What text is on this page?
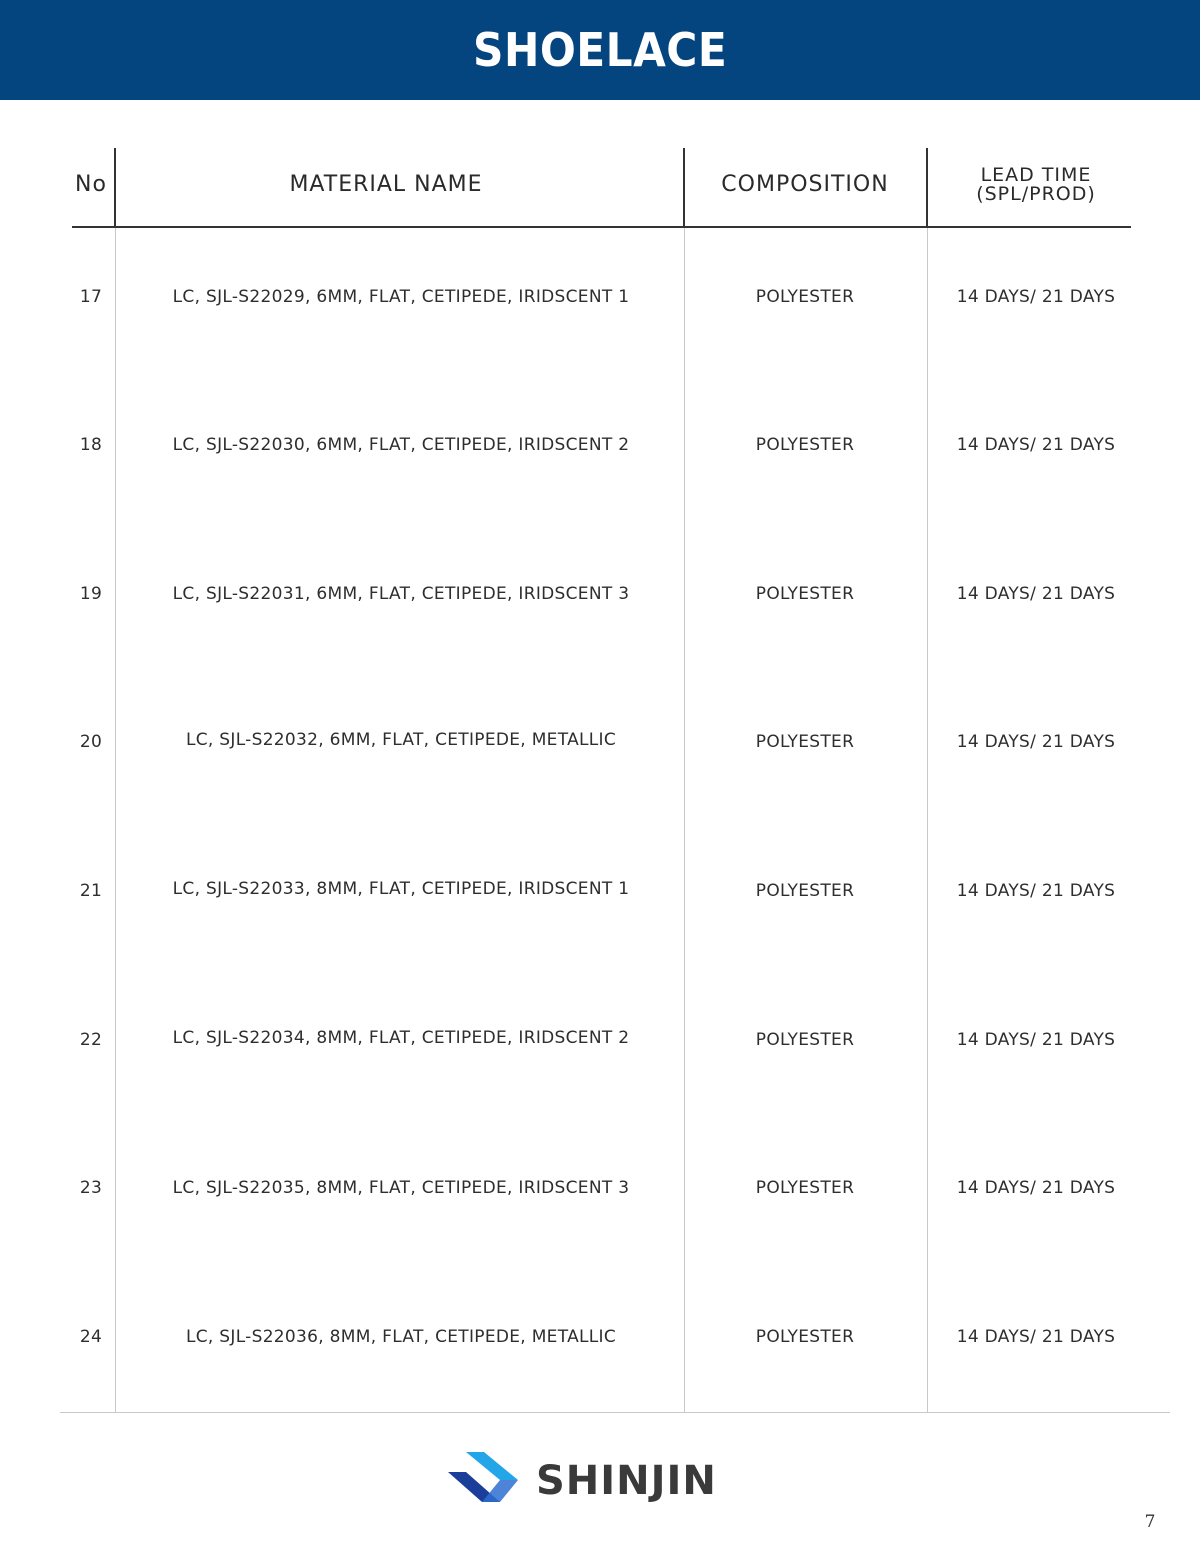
SHOELACE
No	MATERIAL NAME	COMPOSITION	LEAD TIME
(SPL/PROD)
17	LC, SJL-S22029, 6MM, FLAT, CETIPEDE, IRIDSCENT 1	POLYESTER	14 DAYS/ 21 DAYS
18	LC, SJL-S22030, 6MM, FLAT, CETIPEDE, IRIDSCENT 2	POLYESTER	14 DAYS/ 21 DAYS
19	LC, SJL-S22031, 6MM, FLAT, CETIPEDE, IRIDSCENT 3	POLYESTER	14 DAYS/ 21 DAYS
20	LC, SJL-S22032, 6MM, FLAT, CETIPEDE, METALLIC	POLYESTER	14 DAYS/ 21 DAYS
21	LC, SJL-S22033, 8MM, FLAT, CETIPEDE, IRIDSCENT 1	POLYESTER	14 DAYS/ 21 DAYS
22	LC, SJL-S22034, 8MM, FLAT, CETIPEDE, IRIDSCENT 2	POLYESTER	14 DAYS/ 21 DAYS
23	LC, SJL-S22035, 8MM, FLAT, CETIPEDE, IRIDSCENT 3	POLYESTER	14 DAYS/ 21 DAYS
24	LC, SJL-S22036, 8MM, FLAT, CETIPEDE, METALLIC	POLYESTER	14 DAYS/ 21 DAYS
SHINJIN
7
